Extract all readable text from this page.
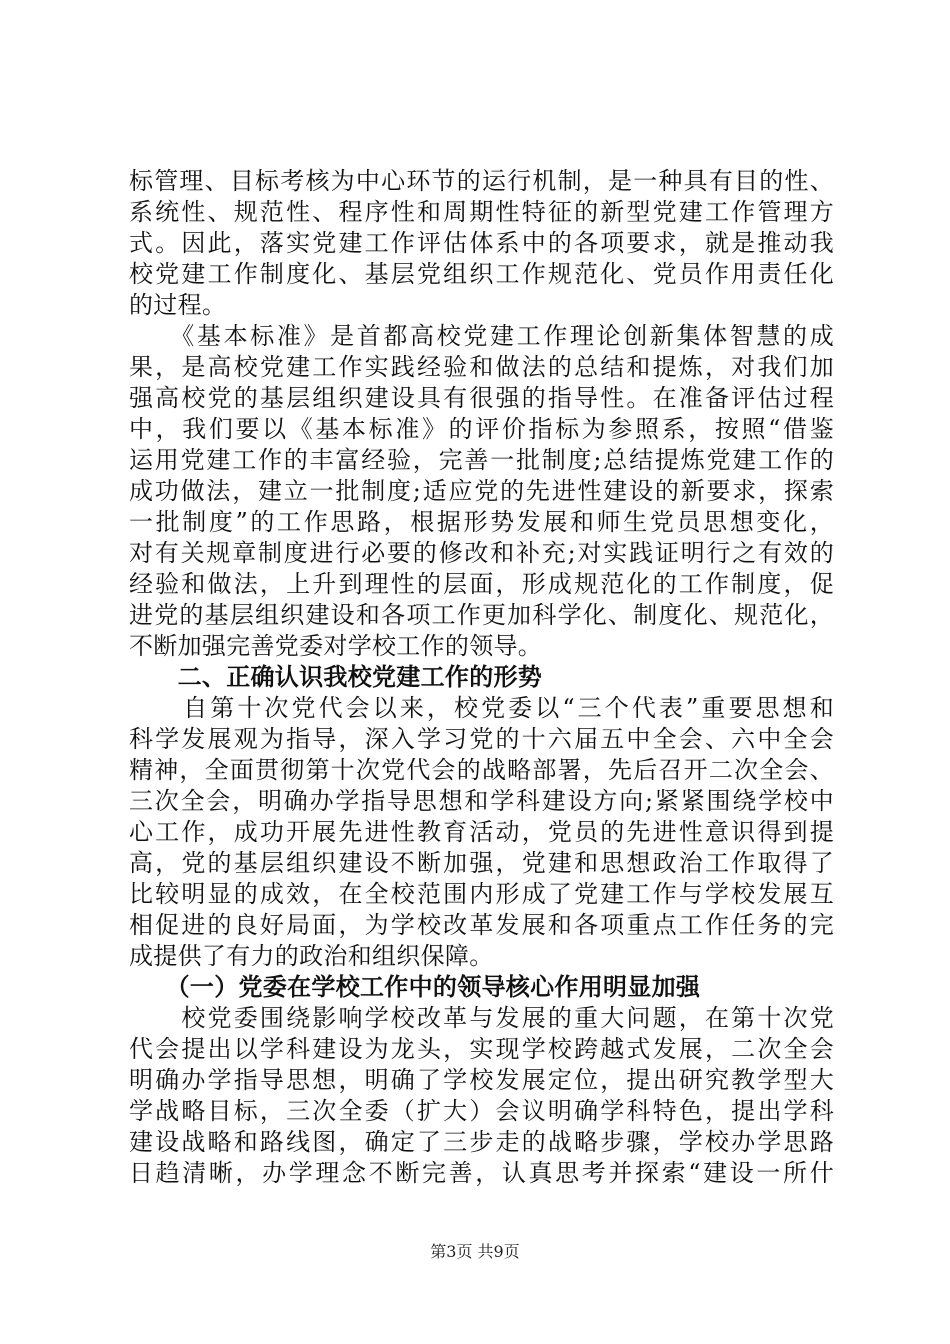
标管理、目标考核为中心环节的运行机制，是一种具有目的性、
系统性、规范性、程序性和周期性特征的新型党建工作管理方
式。因此，落实党建工作评估体系中的各项要求，就是推动我
校党建工作制度化、基层党组织工作规范化、党员作用责任化
的过程。
　　《基本标准》是首都高校党建工作理论创新集体智慧的成
果，是高校党建工作实践经验和做法的总结和提炼，对我们加
强高校党的基层组织建设具有很强的指导性。在准备评估过程
中，我们要以《基本标准》的评价指标为参照系，按照“借鉴
运用党建工作的丰富经验，完善一批制度;总结提炼党建工作的
成功做法，建立一批制度;适应党的先进性建设的新要求，探索
一批制度”的工作思路，根据形势发展和师生党员思想变化，
对有关规章制度进行必要的修改和补充;对实践证明行之有效的
经验和做法，上升到理性的层面，形成规范化的工作制度，促
进党的基层组织建设和各项工作更加科学化、制度化、规范化，
不断加强完善党委对学校工作的领导。
　　二、正确认识我校党建工作的形势
　　自第十次党代会以来，校党委以“三个代表”重要思想和
科学发展观为指导，深入学习党的十六届五中全会、六中全会
精神，全面贯彻第十次党代会的战略部署，先后召开二次全会、
三次全会，明确办学指导思想和学科建设方向;紧紧围绕学校中
心工作，成功开展先进性教育活动，党员的先进性意识得到提
高，党的基层组织建设不断加强，党建和思想政治工作取得了
比较明显的成效，在全校范围内形成了党建工作与学校发展互
相促进的良好局面，为学校改革发展和各项重点工作任务的完
成提供了有力的政治和组织保障。
　　（一）党委在学校工作中的领导核心作用明显加强
　　校党委围绕影响学校改革与发展的重大问题，在第十次党
代会提出以学科建设为龙头，实现学校跨越式发展，二次全会
明确办学指导思想，明确了学校发展定位，提出研究教学型大
学战略目标，三次全委（扩大）会议明确学科特色，提出学科
建设战略和路线图，确定了三步走的战略步骤，学校办学思路
日趋清晰，办学理念不断完善，认真思考并探索“建设一所什
第3页 共9页
